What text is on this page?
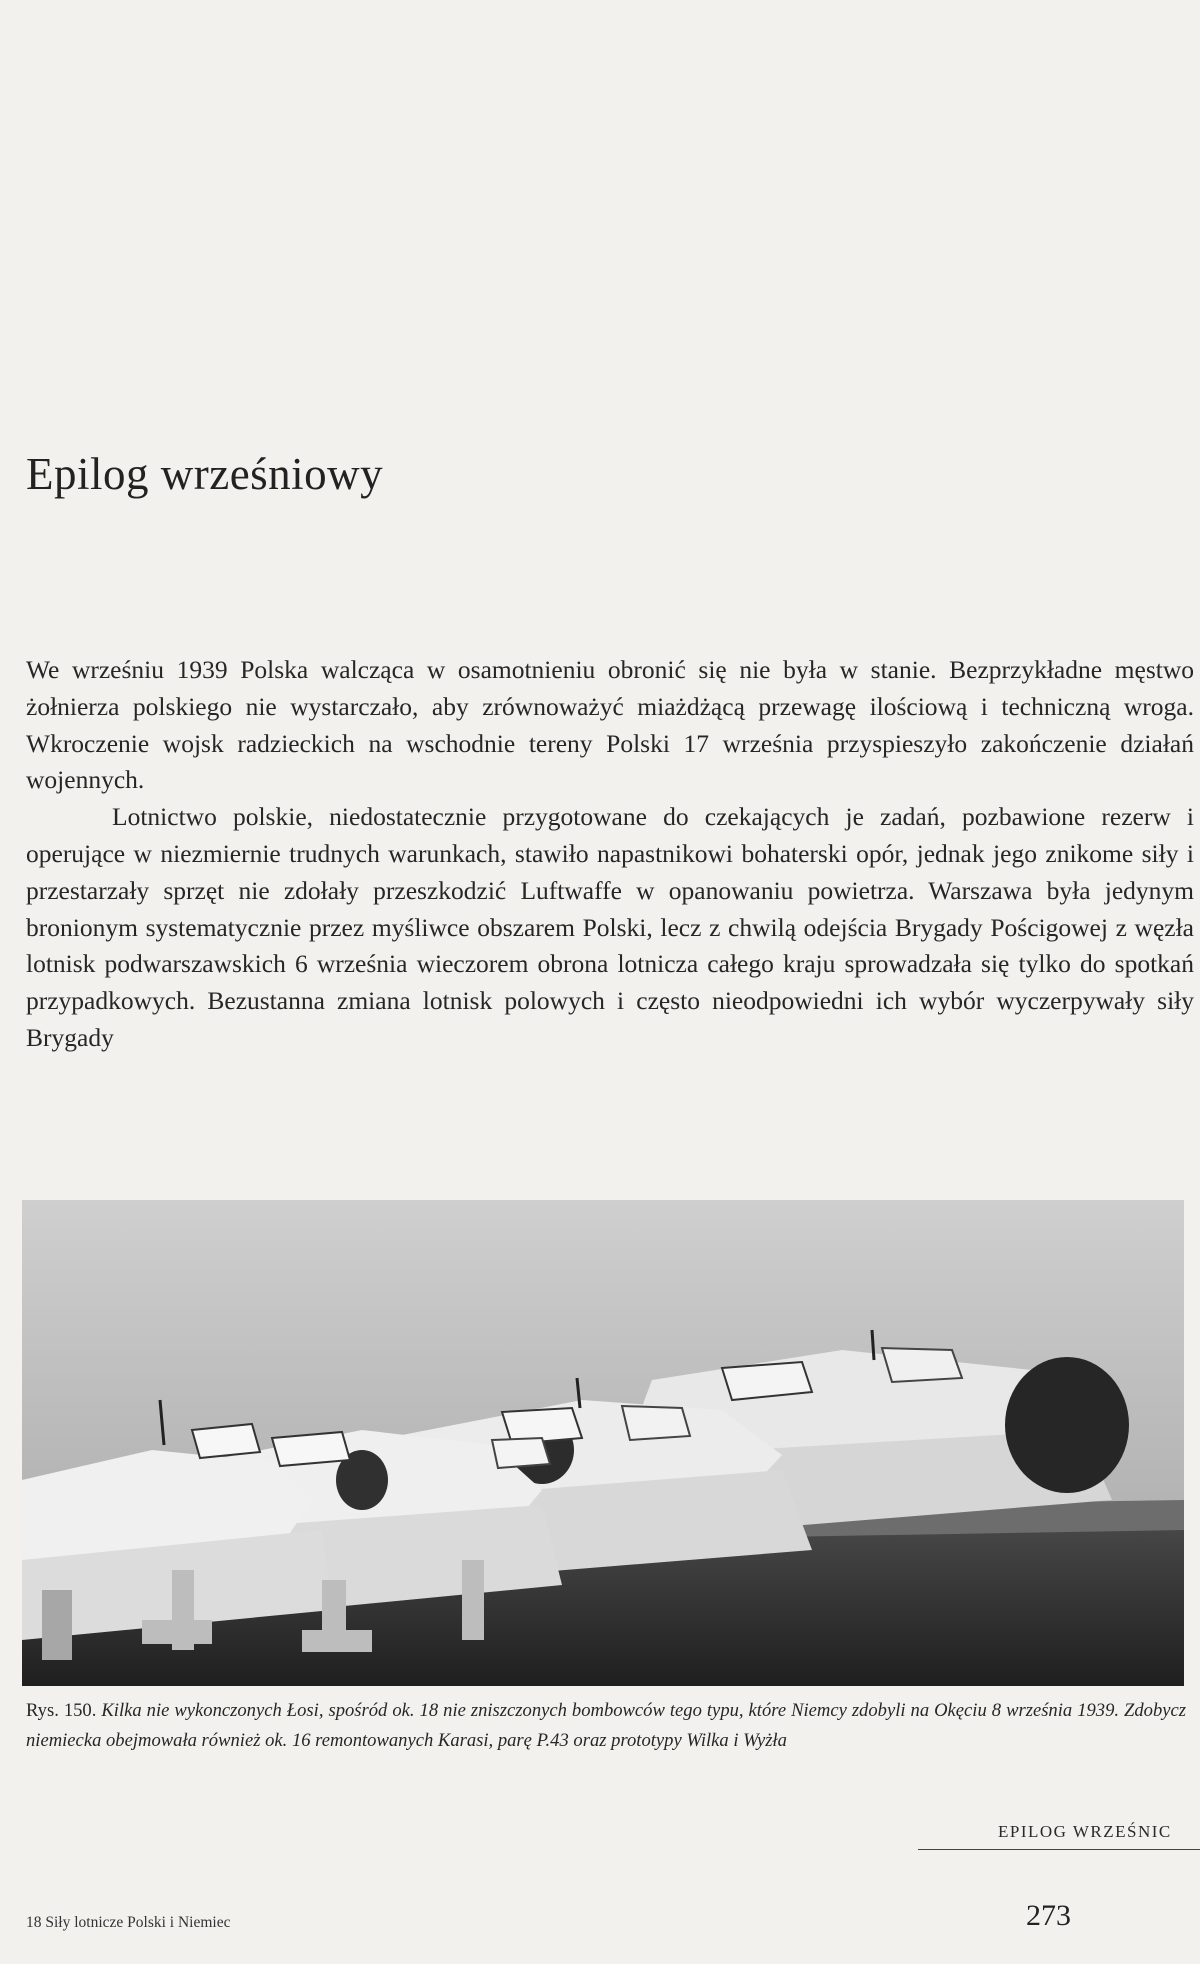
Epilog wrześniowy

We wrześniu 1939 Polska walcząca w osamotnieniu obronić się nie była w stanie. Bezprzykładne męstwo żołnierza polskiego nie wystarczało, aby zrównoważyć miażdżącą przewagę ilościową i techniczną wroga. Wkroczenie wojsk radzieckich na wschodnie tereny Polski 17 września przyspieszyło zakończenie działań wojennych.

Lotnictwo polskie, niedostatecznie przygotowane do czekających je zadań, pozbawione rezerw i operujące w niezmiernie trudnych warunkach, stawiło napastnikowi bohaterski opór, jednak jego znikome siły i przestarzały sprzęt nie zdołały przeszkodzić Luftwaffe w opanowaniu powietrza. Warszawa była jedynym bronionym systematycznie przez myśliwce obszarem Polski, lecz z chwilą odejścia Brygady Pościgowej z węzła lotnisk podwarszawskich 6 września wieczorem obrona lotnicza całego kraju sprowadzała się tylko do spotkań przypadkowych. Bezustanna zmiana lotnisk polowych i często nieodpowiedni ich wybór wyczerpywały siły Brygady

Rys. 150. Kilka nie wykonczonych Łosi, spośród ok. 18 nie zniszczonych bombowców tego typu, które Niemcy zdobyli na Okęciu 8 września 1939. Zdobycz niemiecka obejmowała również ok. 16 remontowanych Karasi, parę P.43 oraz prototypy Wilka i Wyżła
EPILOG WRZEŚNIC
18 Siły lotnicze Polski i Niemiec	273
